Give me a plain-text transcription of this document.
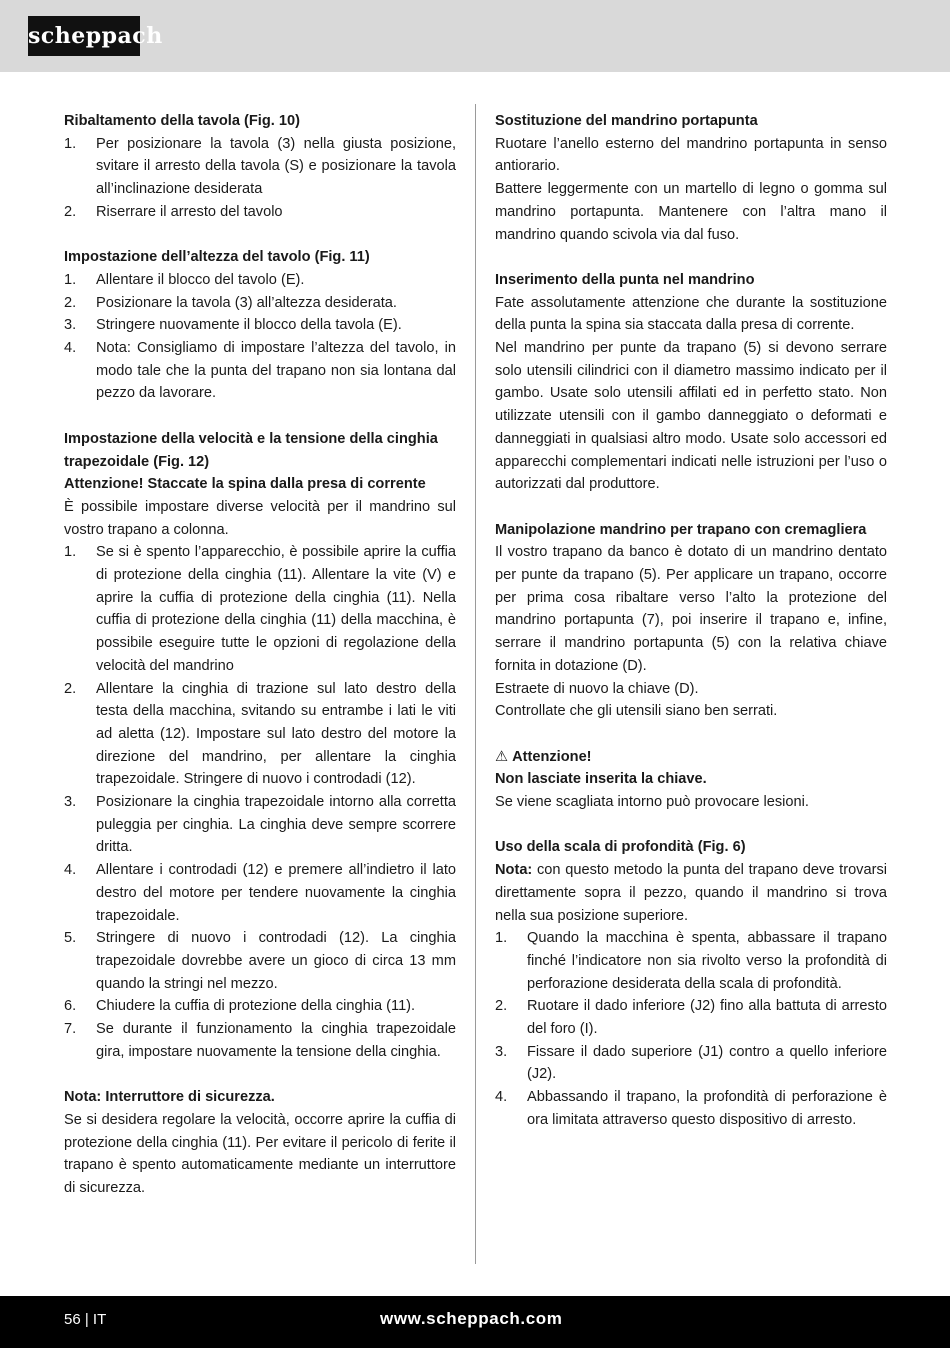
scheppach
Ribaltamento della tavola (Fig. 10)
1.	Per posizionare la tavola (3) nella giusta posizione, svitare il arresto della tavola (S) e posizionare la tavola all’inclinazione desiderata
2.	Riserrare il arresto del tavolo
Impostazione dell’altezza del tavolo (Fig. 11)
1.	Allentare il blocco del tavolo (E).
2.	Posizionare la tavola (3) all’altezza desiderata.
3.	Stringere nuovamente il blocco della tavola (E).
4.	Nota: Consigliamo di impostare l’altezza del tavolo, in modo tale che la punta del trapano non sia lontana dal pezzo da lavorare.
Impostazione della velocità e la tensione della cinghia trapezoidale (Fig. 12)
Attenzione! Staccate la spina dalla presa di corrente
È possibile impostare diverse velocità per il mandrino sul vostro trapano a colonna.
1.	Se si è spento l’apparecchio, è possibile aprire la cuffia di protezione della cinghia (11). Allentare la vite (V) e aprire la cuffia di protezione della cinghia (11). Nella cuffia di protezione della cinghia (11) della macchina, è possibile eseguire tutte le opzioni di regolazione della velocità del mandrino
2.	Allentare la cinghia di trazione sul lato destro della testa della macchina, svitando su entrambe i lati le viti ad aletta (12). Impostare sul lato destro del motore la direzione del mandrino, per allentare la cinghia trapezoidale. Stringere di nuovo i controdadi (12).
3.	Posizionare la cinghia trapezoidale intorno alla corretta puleggia per cinghia. La cinghia deve sempre scorrere dritta.
4.	Allentare i controdadi (12) e premere all’indietro il lato destro del motore per tendere nuovamente la cinghia trapezoidale.
5.	Stringere di nuovo i controdadi (12). La cinghia trapezoidale dovrebbe avere un gioco di circa 13 mm quando la stringi nel mezzo.
6.	Chiudere la cuffia di protezione della cinghia (11).
7.	Se durante il funzionamento la cinghia trapezoidale gira, impostare nuovamente la tensione della cinghia.
Nota: Interruttore di sicurezza.
Se si desidera regolare la velocità, occorre aprire la cuffia di protezione della cinghia (11). Per evitare il pericolo di ferite il trapano è spento automaticamente mediante un interruttore di sicurezza.
Sostituzione del mandrino portapunta
Ruotare l’anello esterno del mandrino portapunta in senso antiorario.
Battere leggermente con un martello di legno o gomma sul mandrino portapunta. Mantenere con l’altra mano il mandrino quando scivola via dal fuso.
Inserimento della punta nel mandrino
Fate assolutamente attenzione che durante la sostituzione della punta la spina sia staccata dalla presa di corrente.
Nel mandrino per punte da trapano (5) si devono serrare solo utensili cilindrici con il diametro massimo indicato per il gambo. Usate solo utensili affilati ed in perfetto stato. Non utilizzate utensili con il gambo danneggiato o deformati e danneggiati in qualsiasi altro modo. Usate solo accessori ed apparecchi complementari indicati nelle istruzioni per l’uso o autorizzati dal produttore.
Manipolazione mandrino per trapano con cremagliera
Il vostro trapano da banco è dotato di un mandrino dentato per punte da trapano (5). Per applicare un trapano, occorre per prima cosa ribaltare verso l’alto la protezione del mandrino portapunta (7), poi inserire il trapano e, infine, serrare il mandrino portapunta (5) con la relativa chiave fornita in dotazione (D).
Estraete di nuovo la chiave (D).
Controllate che gli utensili siano ben serrati.
⚠ Attenzione!
Non lasciate inserita la chiave.
Se viene scagliata intorno può provocare lesioni.
Uso della scala di profondità (Fig. 6)
Nota: con questo metodo la punta del trapano deve trovarsi direttamente sopra il pezzo, quando il mandrino si trova nella sua posizione superiore.
1.	Quando la macchina è spenta, abbassare il trapano finché l’indicatore non sia rivolto verso la profondità di perforazione desiderata della scala di profondità.
2.	Ruotare il dado inferiore (J2) fino alla battuta di arresto del foro (I).
3.	Fissare il dado superiore (J1) contro a quello inferiore (J2).
4.	Abbassando il trapano, la profondità di perforazione è ora limitata attraverso questo dispositivo di arresto.
56 | IT	www.scheppach.com
